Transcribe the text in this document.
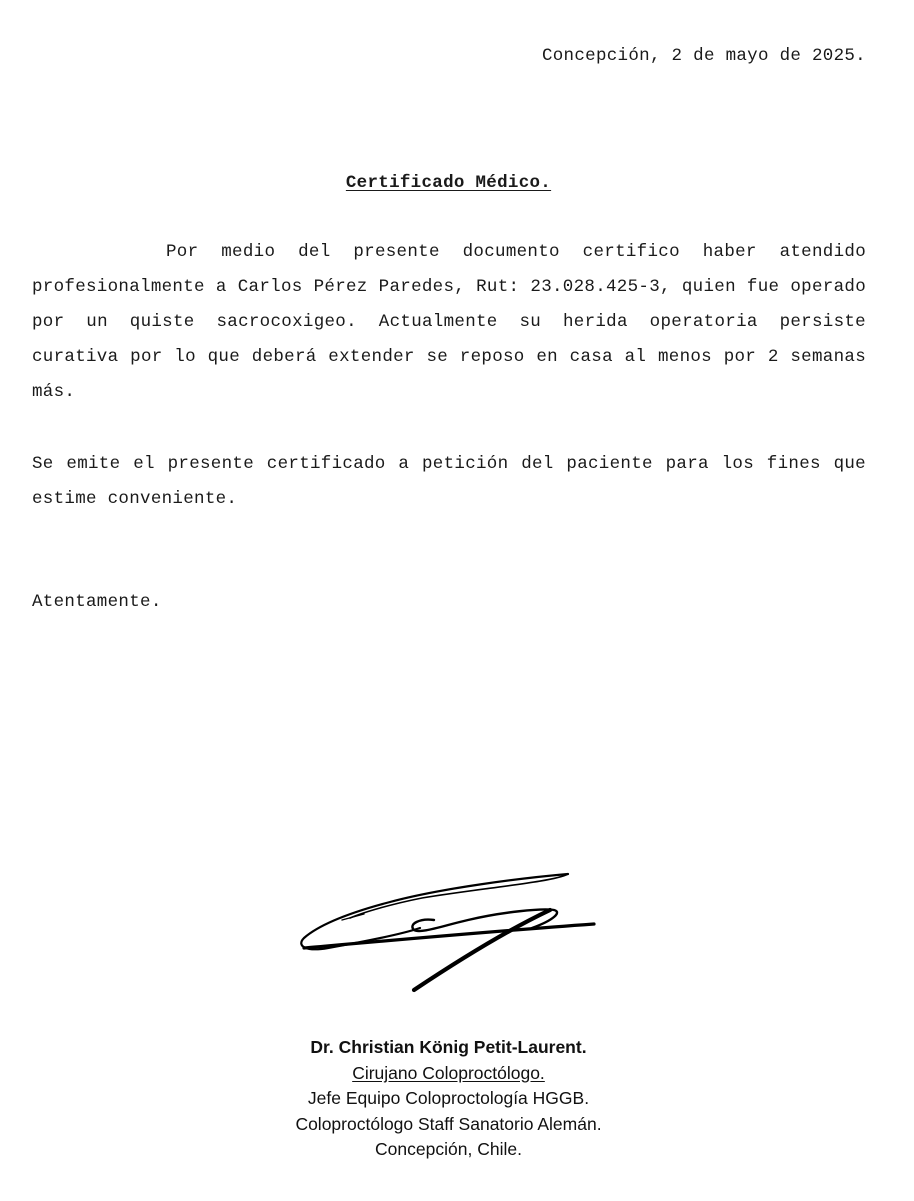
Concepción, 2 de mayo de 2025.
Certificado Médico.

Por medio del presente documento certifico haber atendido profesionalmente a Carlos Pérez Paredes, Rut: 23.028.425-3, quien fue operado por un quiste sacrocoxigeo. Actualmente su herida operatoria persiste curativa por lo que deberá extender se reposo en casa al menos por 2 semanas más.

Se emite el presente certificado a petición del paciente para los fines que estime conveniente.

Atentamente.
Dr. Christian König Petit-Laurent.
Cirujano Coloproctólogo.
Jefe Equipo Coloproctología HGGB.
Coloproctólogo Staff Sanatorio Alemán.
Concepción, Chile.
